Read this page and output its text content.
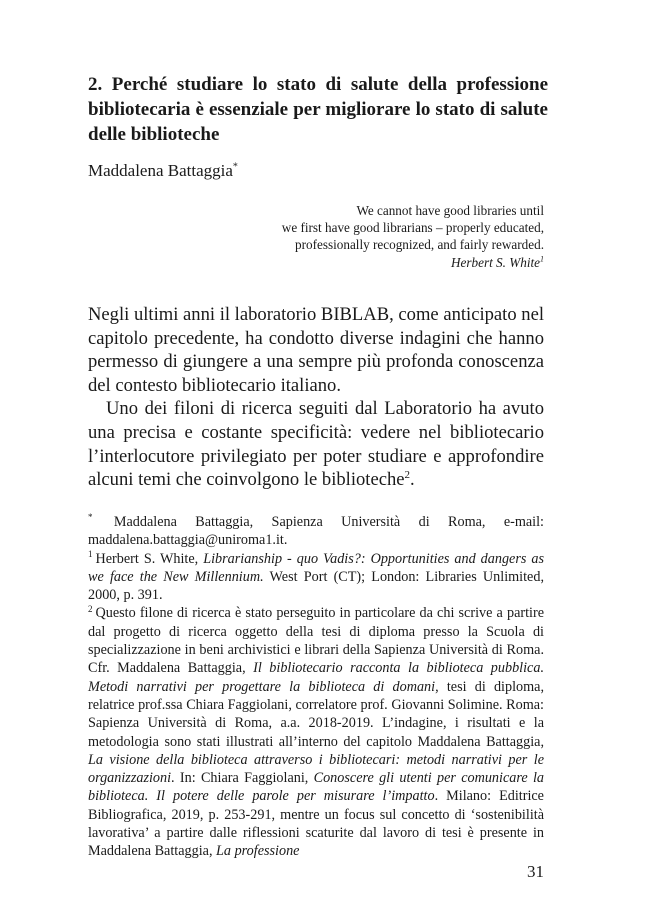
2. Perché studiare lo stato di salute della professione bibliotecaria è essenziale per migliorare lo stato di salute delle biblioteche
Maddalena Battaggia*
We cannot have good libraries until
we first have good librarians – properly educated,
professionally recognized, and fairly rewarded.
Herbert S. White$^1$

Negli ultimi anni il laboratorio BIBLAB, come anticipato nel capitolo precedente, ha condotto diverse indagini che hanno permesso di giungere a una sempre più profonda conoscenza del contesto bibliotecario italiano.

Uno dei filoni di ricerca seguiti dal Laboratorio ha avuto una precisa e costante specificità: vedere nel bibliotecario l’interlocutore privilegiato per poter studiare e approfondire alcuni temi che coinvolgono le biblioteche$^2$.

* Maddalena Battaggia, Sapienza Università di Roma, e-mail: maddalena.battaggia@uniroma1.it.

$^1$ Herbert S. White, Librarianship - quo Vadis?: Opportunities and dangers as we face the New Millennium. West Port (CT); London: Libraries Unlimited, 2000, p. 391.

$^2$ Questo filone di ricerca è stato perseguito in particolare da chi scrive a partire dal progetto di ricerca oggetto della tesi di diploma presso la Scuola di specializzazione in beni archivistici e librari della Sapienza Università di Roma. Cfr. Maddalena Battaggia, Il bibliotecario racconta la biblioteca pubblica. Metodi narrativi per progettare la biblioteca di domani, tesi di diploma, relatrice prof.ssa Chiara Faggiolani, correlatore prof. Giovanni Solimine. Roma: Sapienza Università di Roma, a.a. 2018-2019. L’indagine, i risultati e la metodologia sono stati illustrati all’interno del capitolo Maddalena Battaggia, La visione della biblioteca attraverso i bibliotecari: metodi narrativi per le organizzazioni. In: Chiara Faggiolani, Conoscere gli utenti per comunicare la biblioteca. Il potere delle parole per misurare l’impatto. Milano: Editrice Bibliografica, 2019, p. 253-291, mentre un focus sul concetto di ‘sostenibilità lavorativa’ a partire dalle riflessioni scaturite dal lavoro di tesi è presente in Maddalena Battaggia, La professione

31
